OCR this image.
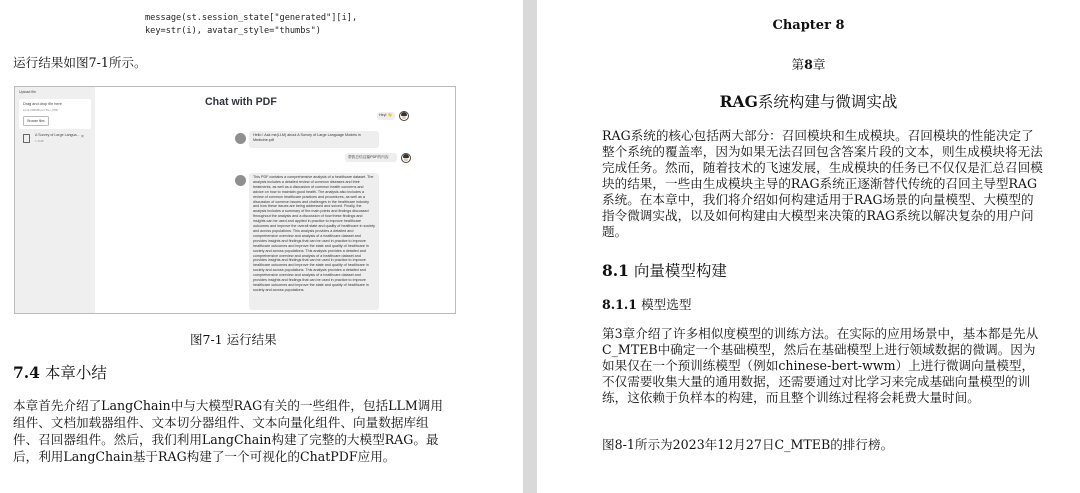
message(st.session_state["generated"][i],
key=str(i), avatar_style="thumbs")
运行结果如图7-1所示。
Upload file
Drag and drop file here
Limit 200MB per file • PDF
Browse files
A Survey of Large Langua...
1.2MB
×
Chat with PDF
Hey! 👋
Hello ! Ask me(LLM) about A Survey of Large Language Models in Medicine.pdf
帮我总结这篇PDF的内容
This PDF contains a comprehensive analysis of a healthcare dataset. The analysis includes a detailed review of common diseases and their treatments, as well as a discussion of common health concerns and advice on how to maintain good health. The analysis also includes a review of common healthcare practices and procedures, as well as a discussion of common issues and challenges in the healthcare industry and how these issues are being addressed and solved. Finally, the analysis includes a summary of the main points and findings discussed throughout the analysis and a discussion of how these findings and insights can be used and applied in practice to improve healthcare outcomes and improve the overall state and quality of healthcare in society and across populations. This analysis provides a detailed and comprehensive overview and analysis of a healthcare dataset and provides insights and findings that can be used in practice to improve healthcare outcomes and improve the state and quality of healthcare in society and across populations. This analysis provides a detailed and comprehensive overview and analysis of a healthcare dataset and provides insights and findings that can be used in practice to improve healthcare outcomes and improve the state and quality of healthcare in society and across populations. This analysis provides a detailed and comprehensive overview and analysis of a healthcare dataset and provides insights and findings that can be used in practice to improve healthcare outcomes and improve the state and quality of healthcare in society and across populations.
图7-1 运行结果
7.4 本章小结
本章首先介绍了LangChain中与大模型RAG有关的一些组件，包括LLM调用组件、文档加载器组件、文本切分器组件、文本向量化组件、向量数据库组件、召回器组件。然后，我们利用LangChain构建了完整的大模型RAG。最后，利用LangChain基于RAG构建了一个可视化的ChatPDF应用。
Chapter 8
第8章
RAG系统构建与微调实战
RAG系统的核心包括两大部分：召回模块和生成模块。召回模块的性能决定了整个系统的覆盖率，因为如果无法召回包含答案片段的文本，则生成模块将无法完成任务。然而，随着技术的飞速发展，生成模块的任务已不仅仅是汇总召回模块的结果，一些由生成模块主导的RAG系统正逐渐替代传统的召回主导型RAG系统。在本章中，我们将介绍如何构建适用于RAG场景的向量模型、大模型的指令微调实战，以及如何构建由大模型来决策的RAG系统以解决复杂的用户问题。
8.1 向量模型构建
8.1.1 模型选型
第3章介绍了许多相似度模型的训练方法。在实际的应用场景中，基本都是先从C_MTEB中确定一个基础模型，然后在基础模型上进行领域数据的微调。因为如果仅在一个预训练模型（例如chinese-bert-wwm）上进行微调向量模型，不仅需要收集大量的通用数据，还需要通过对比学习来完成基础向量模型的训练，这依赖于负样本的构建，而且整个训练过程将会耗费大量时间。
图8-1所示为2023年12月27日C_MTEB的排行榜。
